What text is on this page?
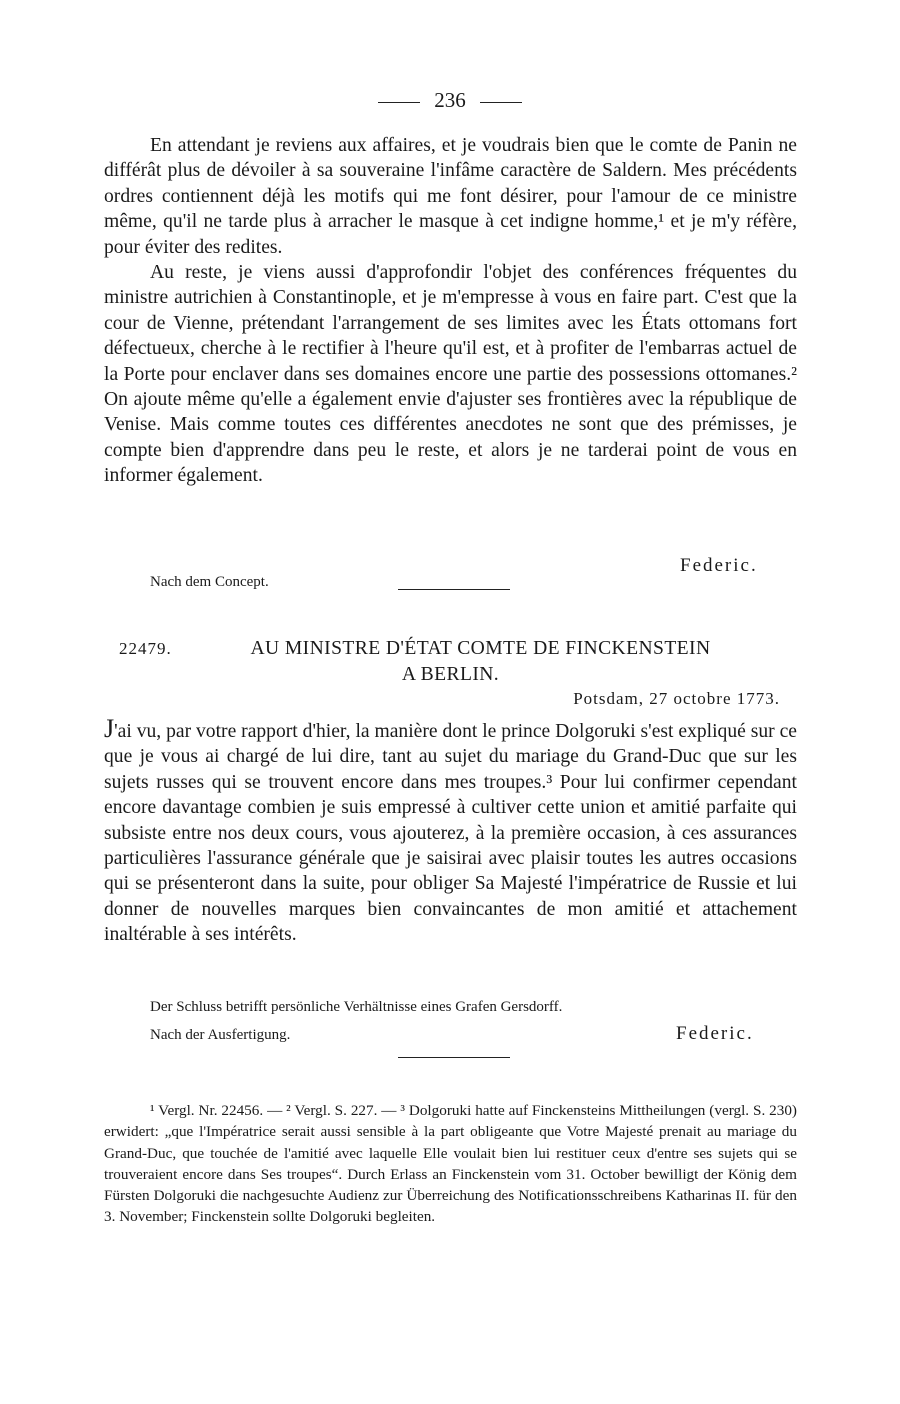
236

En attendant je reviens aux affaires, et je voudrais bien que le comte de Panin ne différât plus de dévoiler à sa souveraine l'infâme caractère de Saldern. Mes précédents ordres contiennent déjà les motifs qui me font désirer, pour l'amour de ce ministre même, qu'il ne tarde plus à arracher le masque à cet indigne homme,¹ et je m'y réfère, pour éviter des redites.

Au reste, je viens aussi d'approfondir l'objet des conférences fréquentes du ministre autrichien à Constantinople, et je m'empresse à vous en faire part. C'est que la cour de Vienne, prétendant l'arrangement de ses limites avec les États ottomans fort défectueux, cherche à le rectifier à l'heure qu'il est, et à profiter de l'embarras actuel de la Porte pour enclaver dans ses domaines encore une partie des possessions ottomanes.² On ajoute même qu'elle a également envie d'ajuster ses frontières avec la république de Venise. Mais comme toutes ces différentes anecdotes ne sont que des prémisses, je compte bien d'apprendre dans peu le reste, et alors je ne tarderai point de vous en informer également.

Federic.
Nach dem Concept.
22479.	AU MINISTRE D'ÉTAT COMTE DE FINCKENSTEIN
A BERLIN.
Potsdam, 27 octobre 1773.

J'ai vu, par votre rapport d'hier, la manière dont le prince Dolgoruki s'est expliqué sur ce que je vous ai chargé de lui dire, tant au sujet du mariage du Grand-Duc que sur les sujets russes qui se trouvent encore dans mes troupes.³ Pour lui confirmer cependant encore davantage combien je suis empressé à cultiver cette union et amitié parfaite qui subsiste entre nos deux cours, vous ajouterez, à la première occasion, à ces assurances particulières l'assurance générale que je saisirai avec plaisir toutes les autres occasions qui se présenteront dans la suite, pour obliger Sa Majesté l'impératrice de Russie et lui donner de nouvelles marques bien convaincantes de mon amitié et attachement inaltérable à ses intérêts.

Der Schluss betrifft persönliche Verhältnisse eines Grafen Gersdorff.
Nach der Ausfertigung.	Federic.

¹ Vergl. Nr. 22456. — ² Vergl. S. 227. — ³ Dolgoruki hatte auf Finckensteins Mittheilungen (vergl. S. 230) erwidert: „que l'Impératrice serait aussi sensible à la part obligeante que Votre Majesté prenait au mariage du Grand-Duc, que touchée de l'amitié avec laquelle Elle voulait bien lui restituer ceux d'entre ses sujets qui se trouveraient encore dans Ses troupes“. Durch Erlass an Finckenstein vom 31. October bewilligt der König dem Fürsten Dolgoruki die nachgesuchte Audienz zur Überreichung des Notificationsschreibens Katharinas II. für den 3. November; Finckenstein sollte Dolgoruki begleiten.
